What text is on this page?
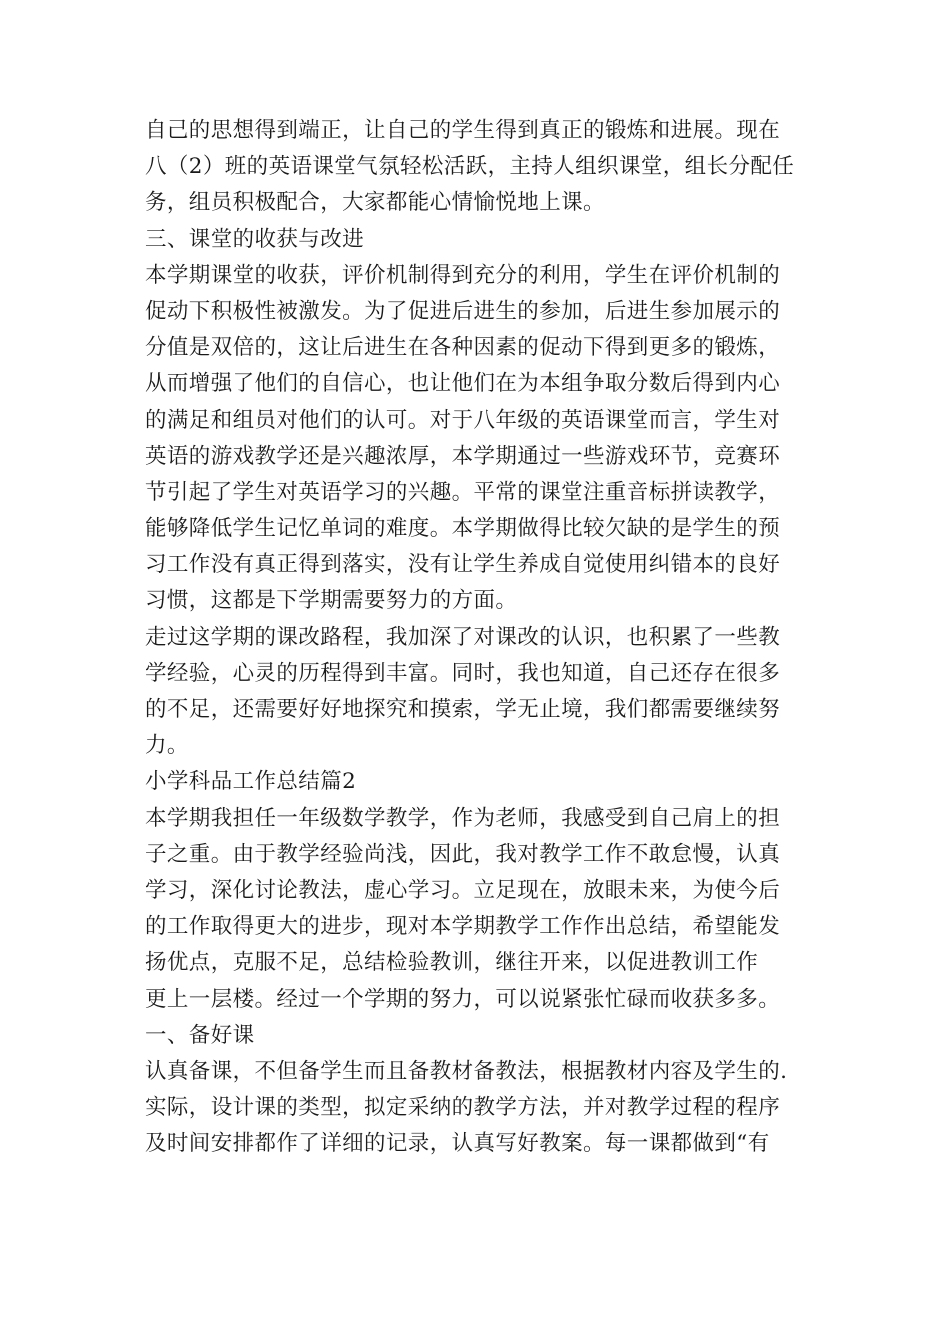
自己的思想得到端正，让自己的学生得到真正的锻炼和进展。现在
八（2）班的英语课堂气氛轻松活跃，主持人组织课堂，组长分配任
务，组员积极配合，大家都能心情愉悦地上课。
三、课堂的收获与改进
本学期课堂的收获，评价机制得到充分的利用，学生在评价机制的
促动下积极性被激发。为了促进后进生的参加，后进生参加展示的
分值是双倍的，这让后进生在各种因素的促动下得到更多的锻炼，
从而增强了他们的自信心，也让他们在为本组争取分数后得到内心
的满足和组员对他们的认可。对于八年级的英语课堂而言，学生对
英语的游戏教学还是兴趣浓厚，本学期通过一些游戏环节，竞赛环
节引起了学生对英语学习的兴趣。平常的课堂注重音标拼读教学，
能够降低学生记忆单词的难度。本学期做得比较欠缺的是学生的预
习工作没有真正得到落实，没有让学生养成自觉使用纠错本的良好
习惯，这都是下学期需要努力的方面。
走过这学期的课改路程，我加深了对课改的认识，也积累了一些教
学经验，心灵的历程得到丰富。同时，我也知道，自己还存在很多
的不足，还需要好好地探究和摸索，学无止境，我们都需要继续努
力。
小学科品工作总结篇2
本学期我担任一年级数学教学，作为老师，我感受到自己肩上的担
子之重。由于教学经验尚浅，因此，我对教学工作不敢怠慢，认真
学习，深化讨论教法，虚心学习。立足现在，放眼未来，为使今后
的工作取得更大的进步，现对本学期教学工作作出总结，希望能发
扬优点，克服不足，总结检验教训，继往开来，以促进教训工作
更上一层楼。经过一个学期的努力，可以说紧张忙碌而收获多多。
一、备好课
认真备课，不但备学生而且备教材备教法，根据教材内容及学生的.
实际，设计课的类型，拟定采纳的教学方法，并对教学过程的程序
及时间安排都作了详细的记录，认真写好教案。每一课都做到“有
